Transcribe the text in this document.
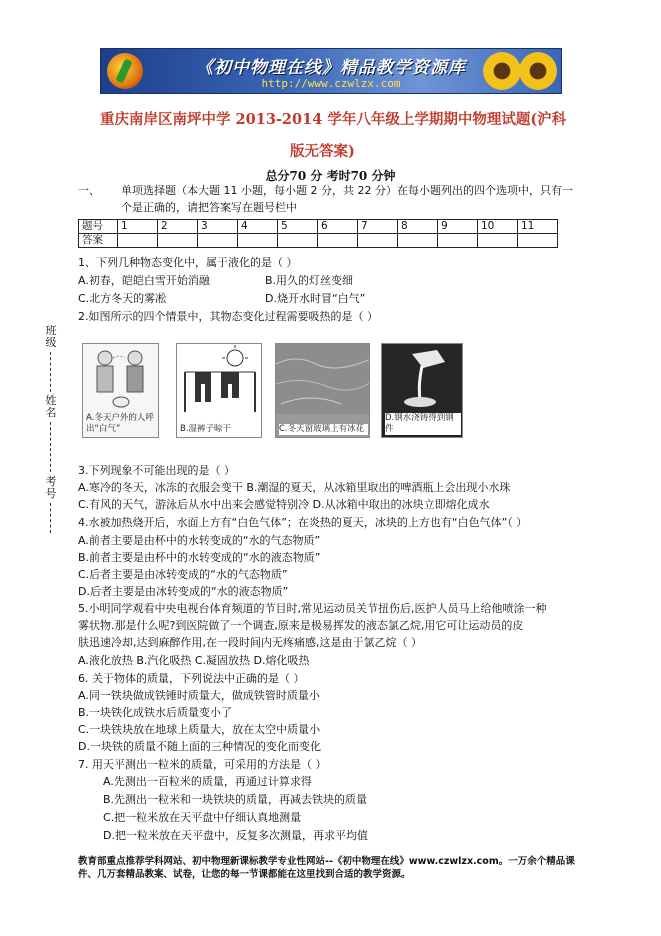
《初中物理在线》精品教学资源库
http://www.czwlzx.com
重庆南岸区南坪中学 2013-2014 学年八年级上学期期中物理试题(沪科
版无答案)
总分70 分 考时70 分钟
一、 单项选择题（本大题 11 小题，每小题 2 分，共 22 分）在每小题列出的四个选项中，只有一
个是正确的，请把答案写在题号栏中
题号	1	2	3	4	5	6	7	8	9	10	11
答案											
班级
姓名
考号
1、下列几种物态变化中，属于液化的是（ ）
A.初春，皑皑白雪开始消融	B.用久的灯丝变细
C.北方冬天的雾凇	D.烧开水时冒“白气”
2.如图所示的四个情景中，其物态变化过程需要吸热的是（ ）
A.冬天户外的人呼出“白气”	B.湿裤子晾干	C.冬天窗玻璃上有冰花
D.钢水浇铸得到钢件
3.下列现象不可能出现的是（ ）
A.寒冷的冬天，冰冻的衣服会变干 B.潮湿的夏天，从冰箱里取出的啤酒瓶上会出现小水珠
C.有风的天气，游泳后从水中出来会感觉特别冷 D.从冰箱中取出的冰块立即熔化成水
4.水被加热烧开后，水面上方有“白色气体”；在炎热的夏天，冰块的上方也有“白色气体”（ ）
A.前者主要是由杯中的水转变成的“水的气态物质”
B.前者主要是由杯中的水转变成的“水的液态物质”
C.后者主要是由冰转变成的“水的气态物质”
D.后者主要是由冰转变成的“水的液态物质”
5.小明同学观看中央电视台体育频道的节目时,常见运动员关节扭伤后,医护人员马上给他喷涂一种
雾状物.那是什么呢?到医院做了一个调查,原来是极易挥发的液态氯乙烷,用它可让运动员的皮
肤迅速冷却,达到麻醉作用,在一段时间内无疼痛感,这是由于氯乙烷（ ）
A.液化放热 B.汽化吸热 C.凝固放热 D.熔化吸热
6. 关于物体的质量，下列说法中正确的是（ ）
A.同一铁块做成铁锤时质量大，做成铁管时质量小
B.一块铁化成铁水后质量变小了
C.一块铁块放在地球上质量大，放在太空中质量小
D.一块铁的质量不随上面的三种情况的变化而变化
7. 用天平测出一粒米的质量，可采用的方法是（ ）
A.先测出一百粒米的质量，再通过计算求得
B.先测出一粒米和一块铁块的质量，再减去铁块的质量
C.把一粒米放在天平盘中仔细认真地测量
D.把一粒米放在天平盘中，反复多次测量，再求平均值
教育部重点推荐学科网站、初中物理新课标教学专业性网站--《初中物理在线》www.czwlzx.com。一万余个精品课
件、几万套精品教案、试卷，让您的每一节课都能在这里找到合适的教学资源。
